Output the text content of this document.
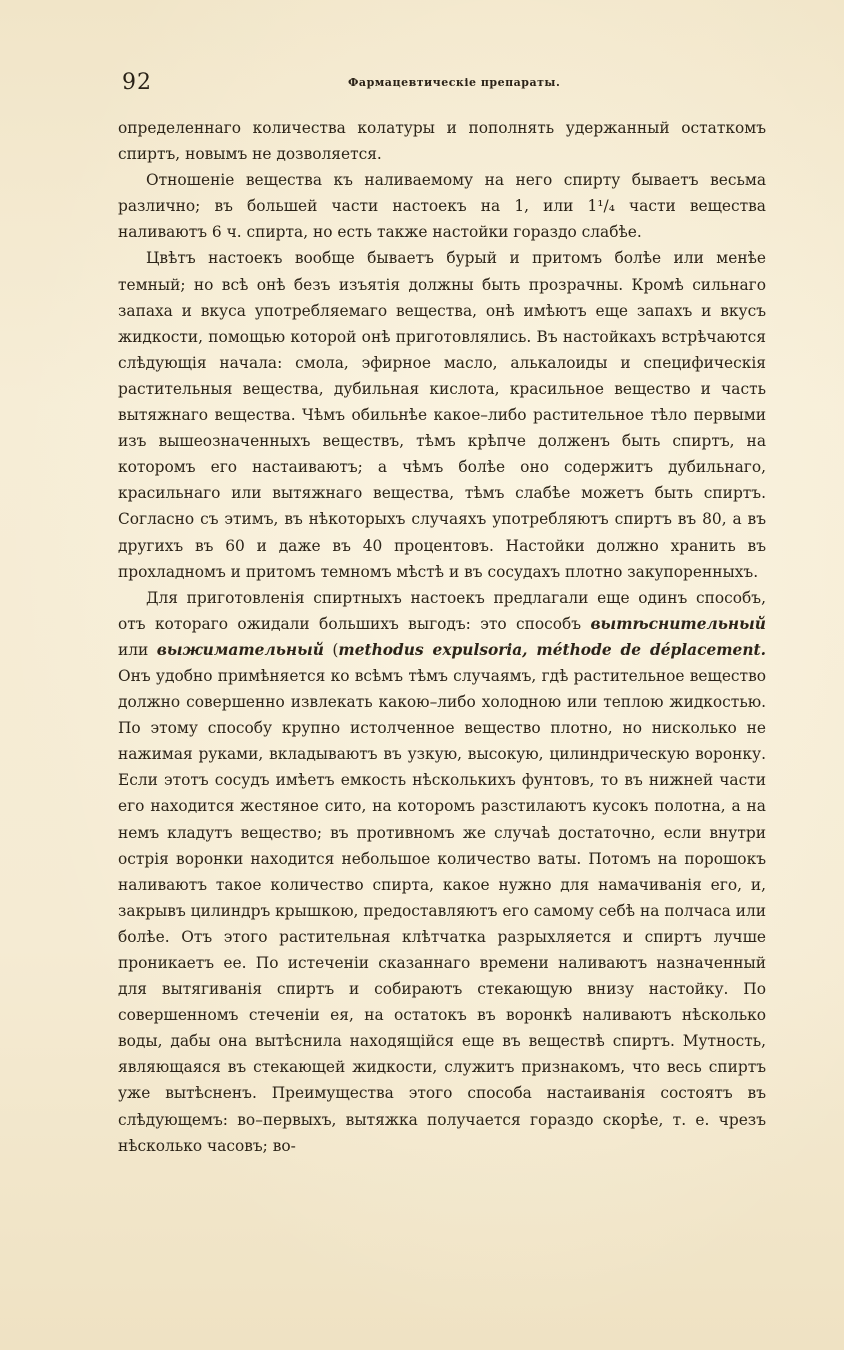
92	Фармацевтическіе препараты.

определеннаго количества колатуры и пополнять удержанный остаткомъ спиртъ, новымъ не дозволяется.

Отношеніе вещества къ наливаемому на него спирту бываетъ весьма различно; въ большей части настоекъ на 1, или 1¹/₄ части вещества наливаютъ 6 ч. спирта, но есть также настойки гораздо слабѣе.

Цвѣтъ настоекъ вообще бываетъ бурый и притомъ болѣе или менѣе темный; но всѣ онѣ безъ изъятія должны быть прозрачны. Кромѣ сильнаго запаха и вкуса употребляемаго вещества, онѣ имѣютъ еще запахъ и вкусъ жидкости, помощью которой онѣ приготовлялись. Въ настойкахъ встрѣчаются слѣдующія начала: смола, эфирное масло, алькалоиды и специфическія растительныя вещества, дубильная кислота, красильное вещество и часть вытяжнаго вещества. Чѣмъ обильнѣе какое–либо растительное тѣло первыми изъ вышеозначенныхъ веществъ, тѣмъ крѣпче долженъ быть спиртъ, на которомъ его настаиваютъ; а чѣмъ болѣе оно содержитъ дубильнаго, красильнаго или вытяжнаго вещества, тѣмъ слабѣе можетъ быть спиртъ. Согласно съ этимъ, въ нѣкоторыхъ случаяхъ употребляютъ спиртъ въ 80, а въ другихъ въ 60 и даже въ 40 процентовъ. Настойки должно хранить въ прохладномъ и притомъ темномъ мѣстѣ и въ сосудахъ плотно закупоренныхъ.

Для приготовленія спиртныхъ настоекъ предлагали еще одинъ способъ, отъ котораго ожидали большихъ выгодъ: это способъ вытѣснительный или выжимательный (methodus expulsoria, méthode de déplacement. Онъ удобно примѣняется ко всѣмъ тѣмъ случаямъ, гдѣ растительное вещество должно совершенно извлекать какою–либо холодною или теплою жидкостью. По этому способу крупно истолченное вещество плотно, но нисколько не нажимая руками, вкладываютъ въ узкую, высокую, цилиндрическую воронку. Если этотъ сосудъ имѣетъ емкость нѣсколькихъ фунтовъ, то въ нижней части его находится жестяное сито, на которомъ разстилаютъ кусокъ полотна, а на немъ кладутъ вещество; въ противномъ же случаѣ достаточно, если внутри острія воронки находится небольшое количество ваты. Потомъ на порошокъ наливаютъ такое количество спирта, какое нужно для намачиванія его, и, закрывъ цилиндръ крышкою, предоставляютъ его самому себѣ на полчаса или болѣе. Отъ этого растительная клѣтчатка разрыхляется и спиртъ лучше проникаетъ ее. По истеченіи сказаннаго времени наливаютъ назначенный для вытягиванія спиртъ и собираютъ стекающую внизу настойку. По совершенномъ стеченіи ея, на остатокъ въ воронкѣ наливаютъ нѣсколько воды, дабы она вытѣснила находящійся еще въ веществѣ спиртъ. Мутность, являющаяся въ стекающей жидкости, служитъ признакомъ, что весь спиртъ уже вытѣсненъ. Преимущества этого способа настаиванія состоятъ въ слѣдующемъ: во–первыхъ, вытяжка получается гораздо скорѣе, т. е. чрезъ нѣсколько часовъ; во-
